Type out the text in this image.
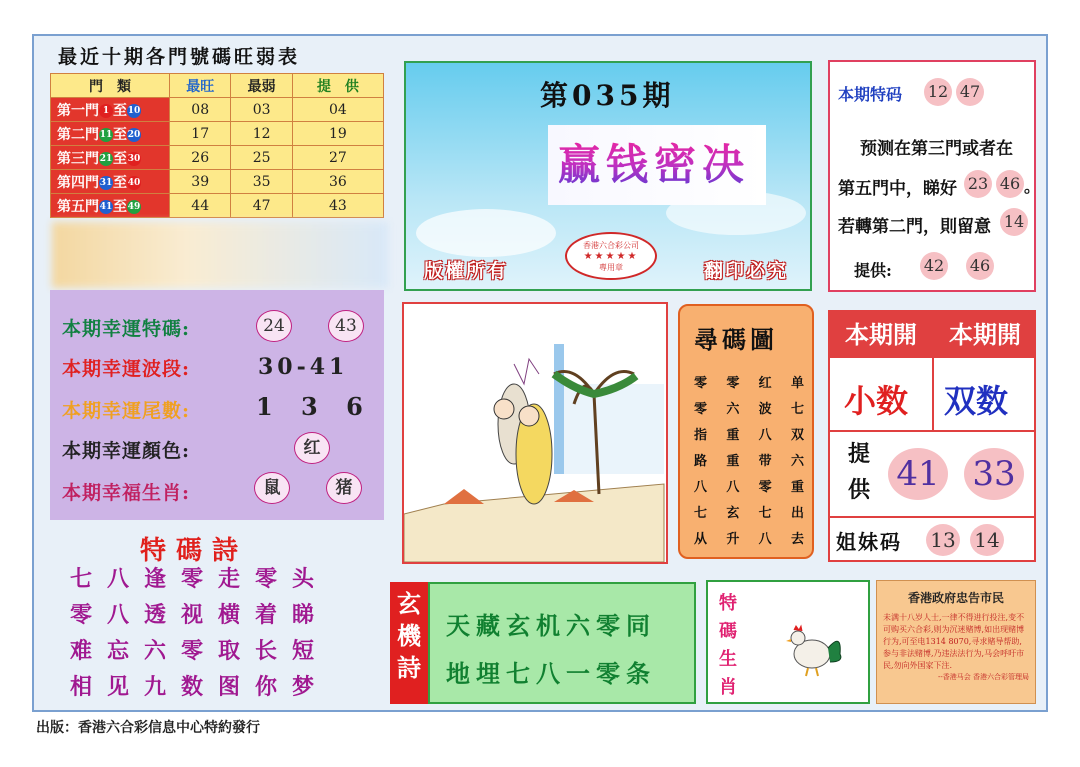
最近十期各門號碼旺弱表
門　類	最旺	最弱	提　供
第一門 1 至10	08	03	04
第二門11至20	17	12	19
第三門21至30	26	25	27
第四門31至40	39	35	36
第五門41至49	44	47	43
本期幸運特碼:	24	43
本期幸運波段:	30-41
本期幸運尾數:	1 3 6
本期幸運顏色:	红
本期幸福生肖:	鼠	猪
特碼詩
七八逢零走零头
零八透视横着睇
难忘六零取长短
相见九数图你梦
第035期
赢钱密决
版權所有	翻印必究
香港六合彩公司
★★★★★
專用章
本期特码 12 47
预测在第三門或者在
第五門中，睇好 23 46 。
若轉第二門，則留意 14
提供: 42 46
尋碼圖
零 零 红 单
零 六 波 七
指 重 八 双
路 重 带 六
八 八 零 重
七 玄 七 出
从 升 八 去
本期開	本期開
小数 双数
提供 41 33
姐妹码 13 14
玄機詩
天藏玄机六零同
地埋七八一零条
特碼生肖
香港政府忠告市民
未满十八岁人士,一律不得进行投注,变不可购买六合彩,则为沉迷赌博,如出现赌博行为,可至电1314 8070,寻求赌导帮助,参与非法赌博,乃违法法行为,马会呼吁市民,勿向外国家下注.
--香港马会 香港六合彩管理局
出版：香港六合彩信息中心特約發行
